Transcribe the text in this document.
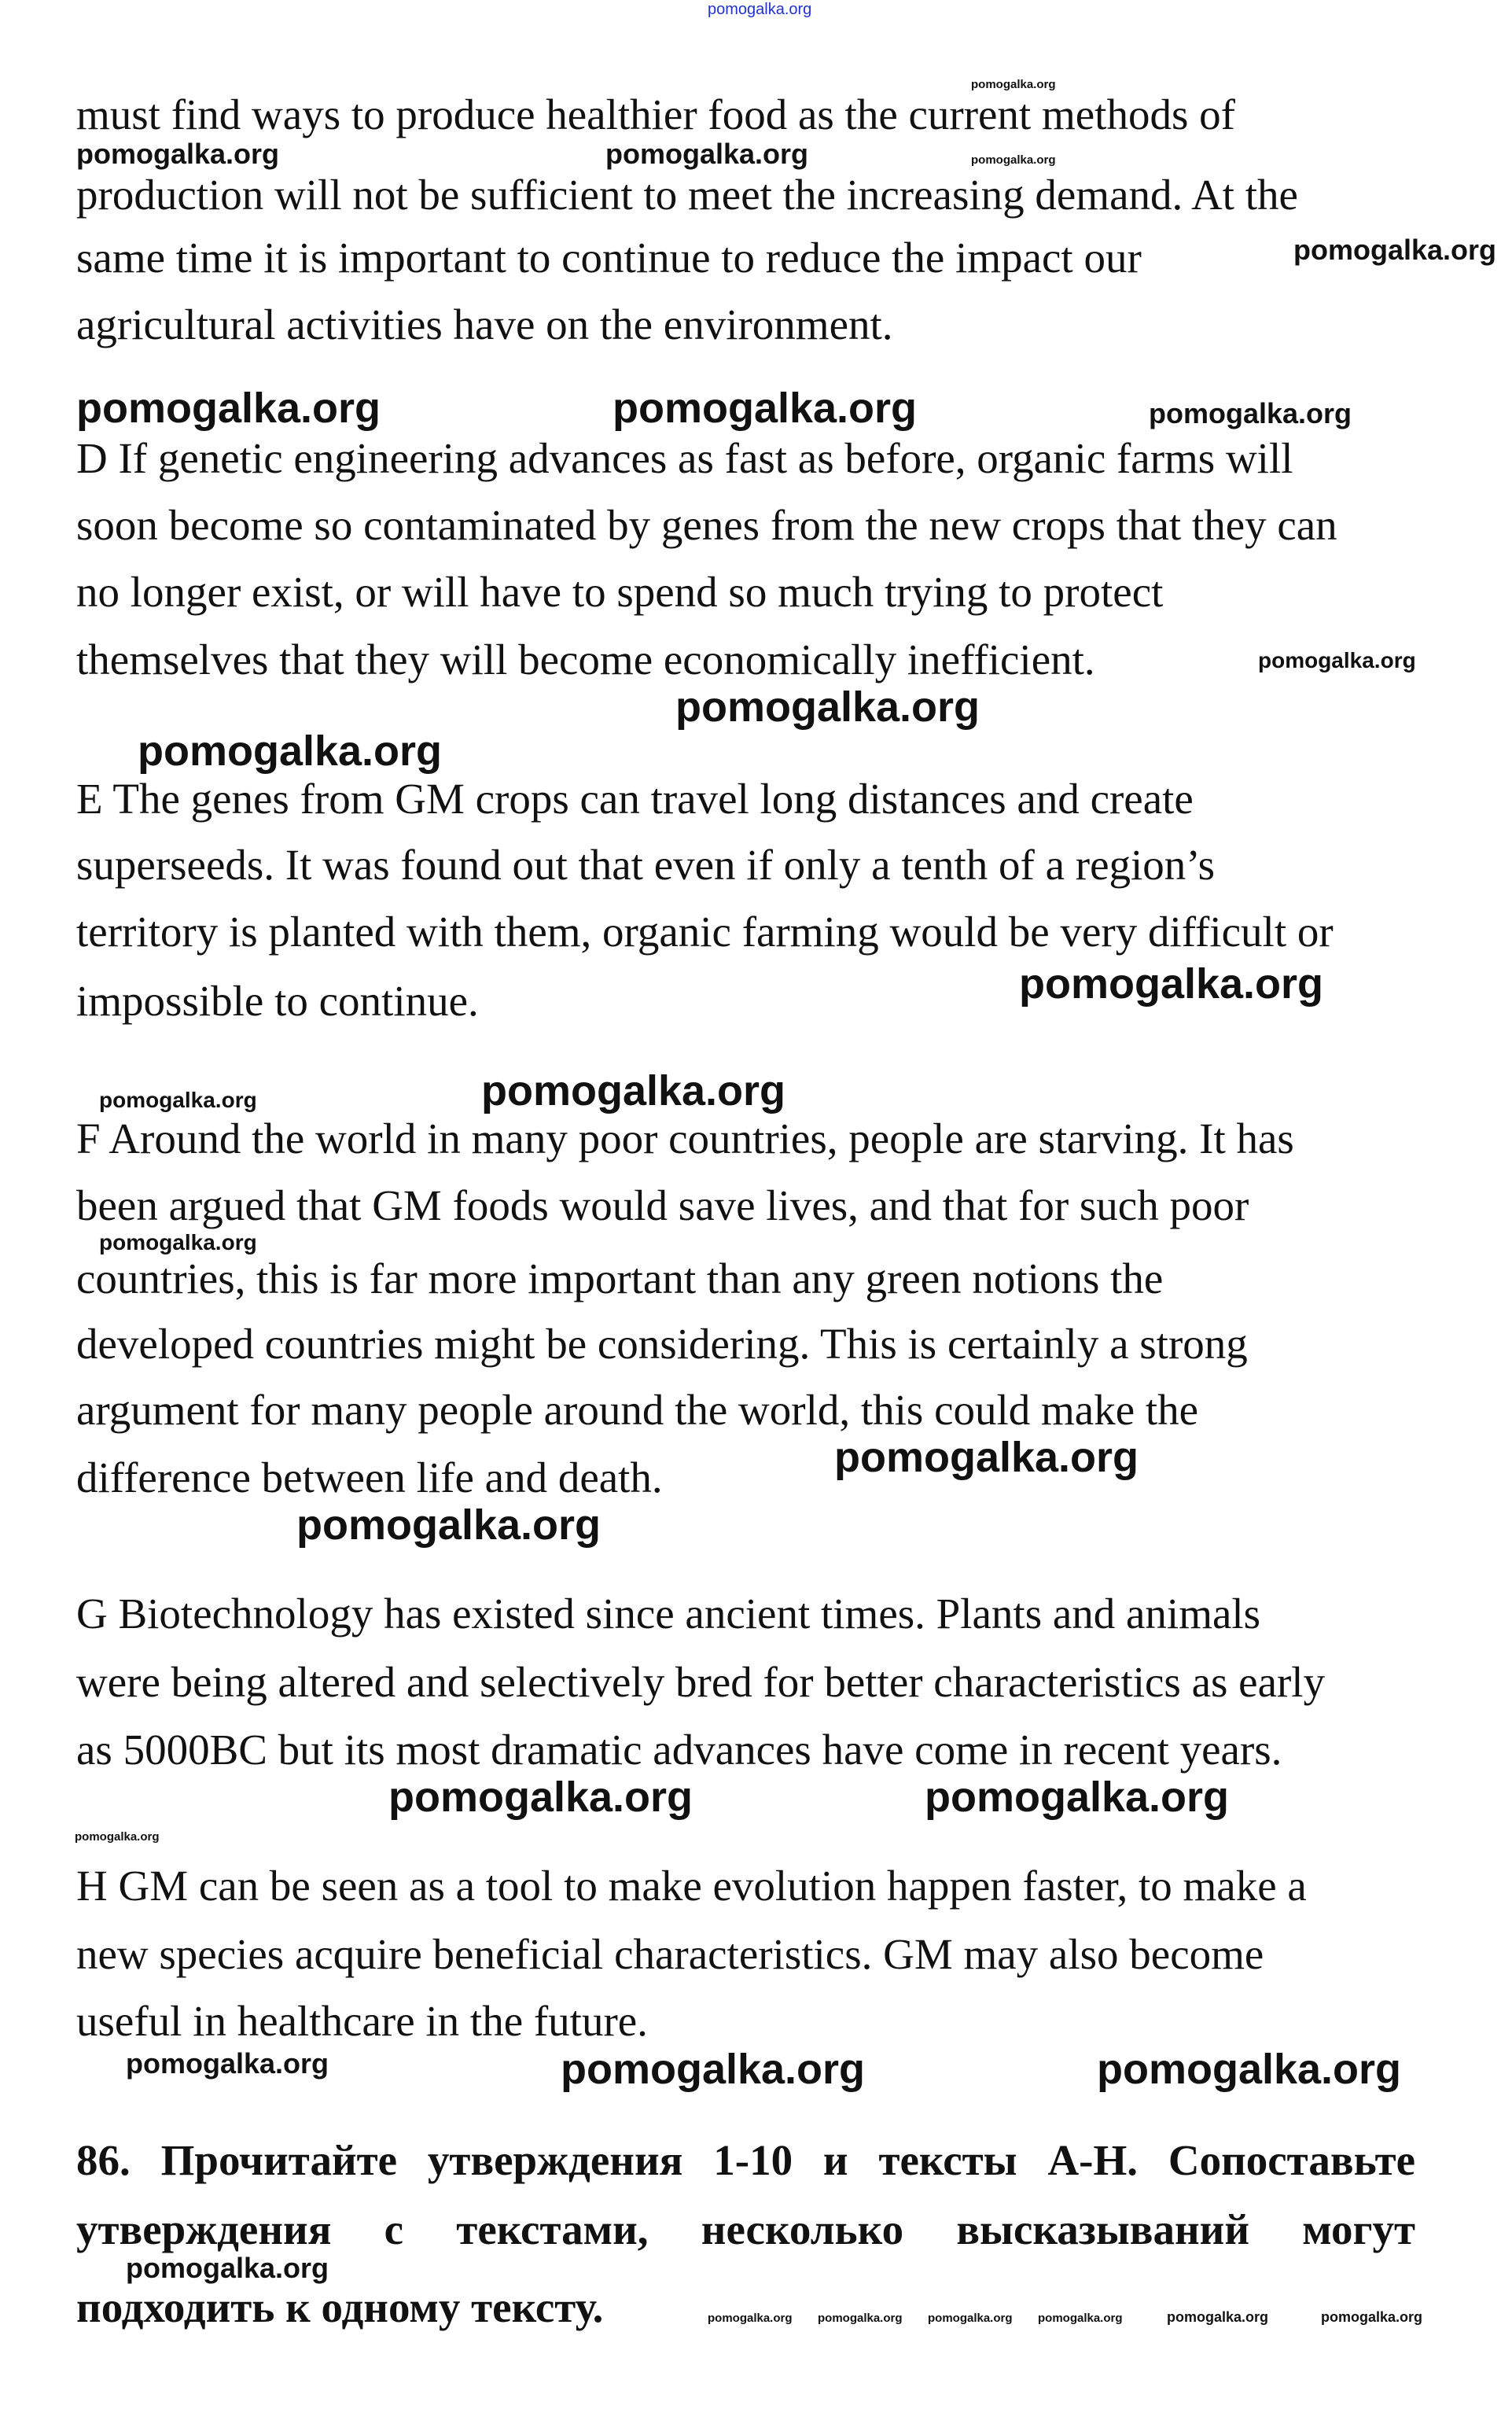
must find ways to produce healthier food as the current methods of
production will not be sufficient to meet the increasing demand. At the
same time it is important to continue to reduce the impact our
agricultural activities have on the environment.
D If genetic engineering advances as fast as before, organic farms will
soon become so contaminated by genes from the new crops that they can
no longer exist, or will have to spend so much trying to protect
themselves that they will become economically inefficient.
E The genes from GM crops can travel long distances and create
superseeds. It was found out that even if only a tenth of a region’s
territory is planted with them, organic farming would be very difficult or
impossible to continue.
F Around the world in many poor countries, people are starving. It has
been argued that GM foods would save lives, and that for such poor
countries, this is far more important than any green notions the
developed countries might be considering. This is certainly a strong
argument for many people around the world, this could make the
difference between life and death.
G Biotechnology has existed since ancient times. Plants and animals
were being altered and selectively bred for better characteristics as early
as 5000BC but its most dramatic advances have come in recent years.
H GM can be seen as a tool to make evolution happen faster, to make a
new species acquire beneficial characteristics. GM may also become
useful in healthcare in the future.
86. Прочитайте утверждения 1-10 и тексты A-H. Сопоставьте
утверждения с текстами, несколько высказываний могут
подходить к одному тексту.
pomogalka.org
pomogalka.org
pomogalka.org	pomogalka.org	pomogalka.org
pomogalka.org
pomogalka.org	pomogalka.org	pomogalka.org
pomogalka.org
pomogalka.org
pomogalka.org
pomogalka.org
pomogalka.org	pomogalka.org
pomogalka.org
pomogalka.org
pomogalka.org
pomogalka.org	pomogalka.org
pomogalka.org
pomogalka.org	pomogalka.org	pomogalka.org
pomogalka.org
pomogalka.org pomogalka.org pomogalka.org pomogalka.org	pomogalka.org	pomogalka.org
